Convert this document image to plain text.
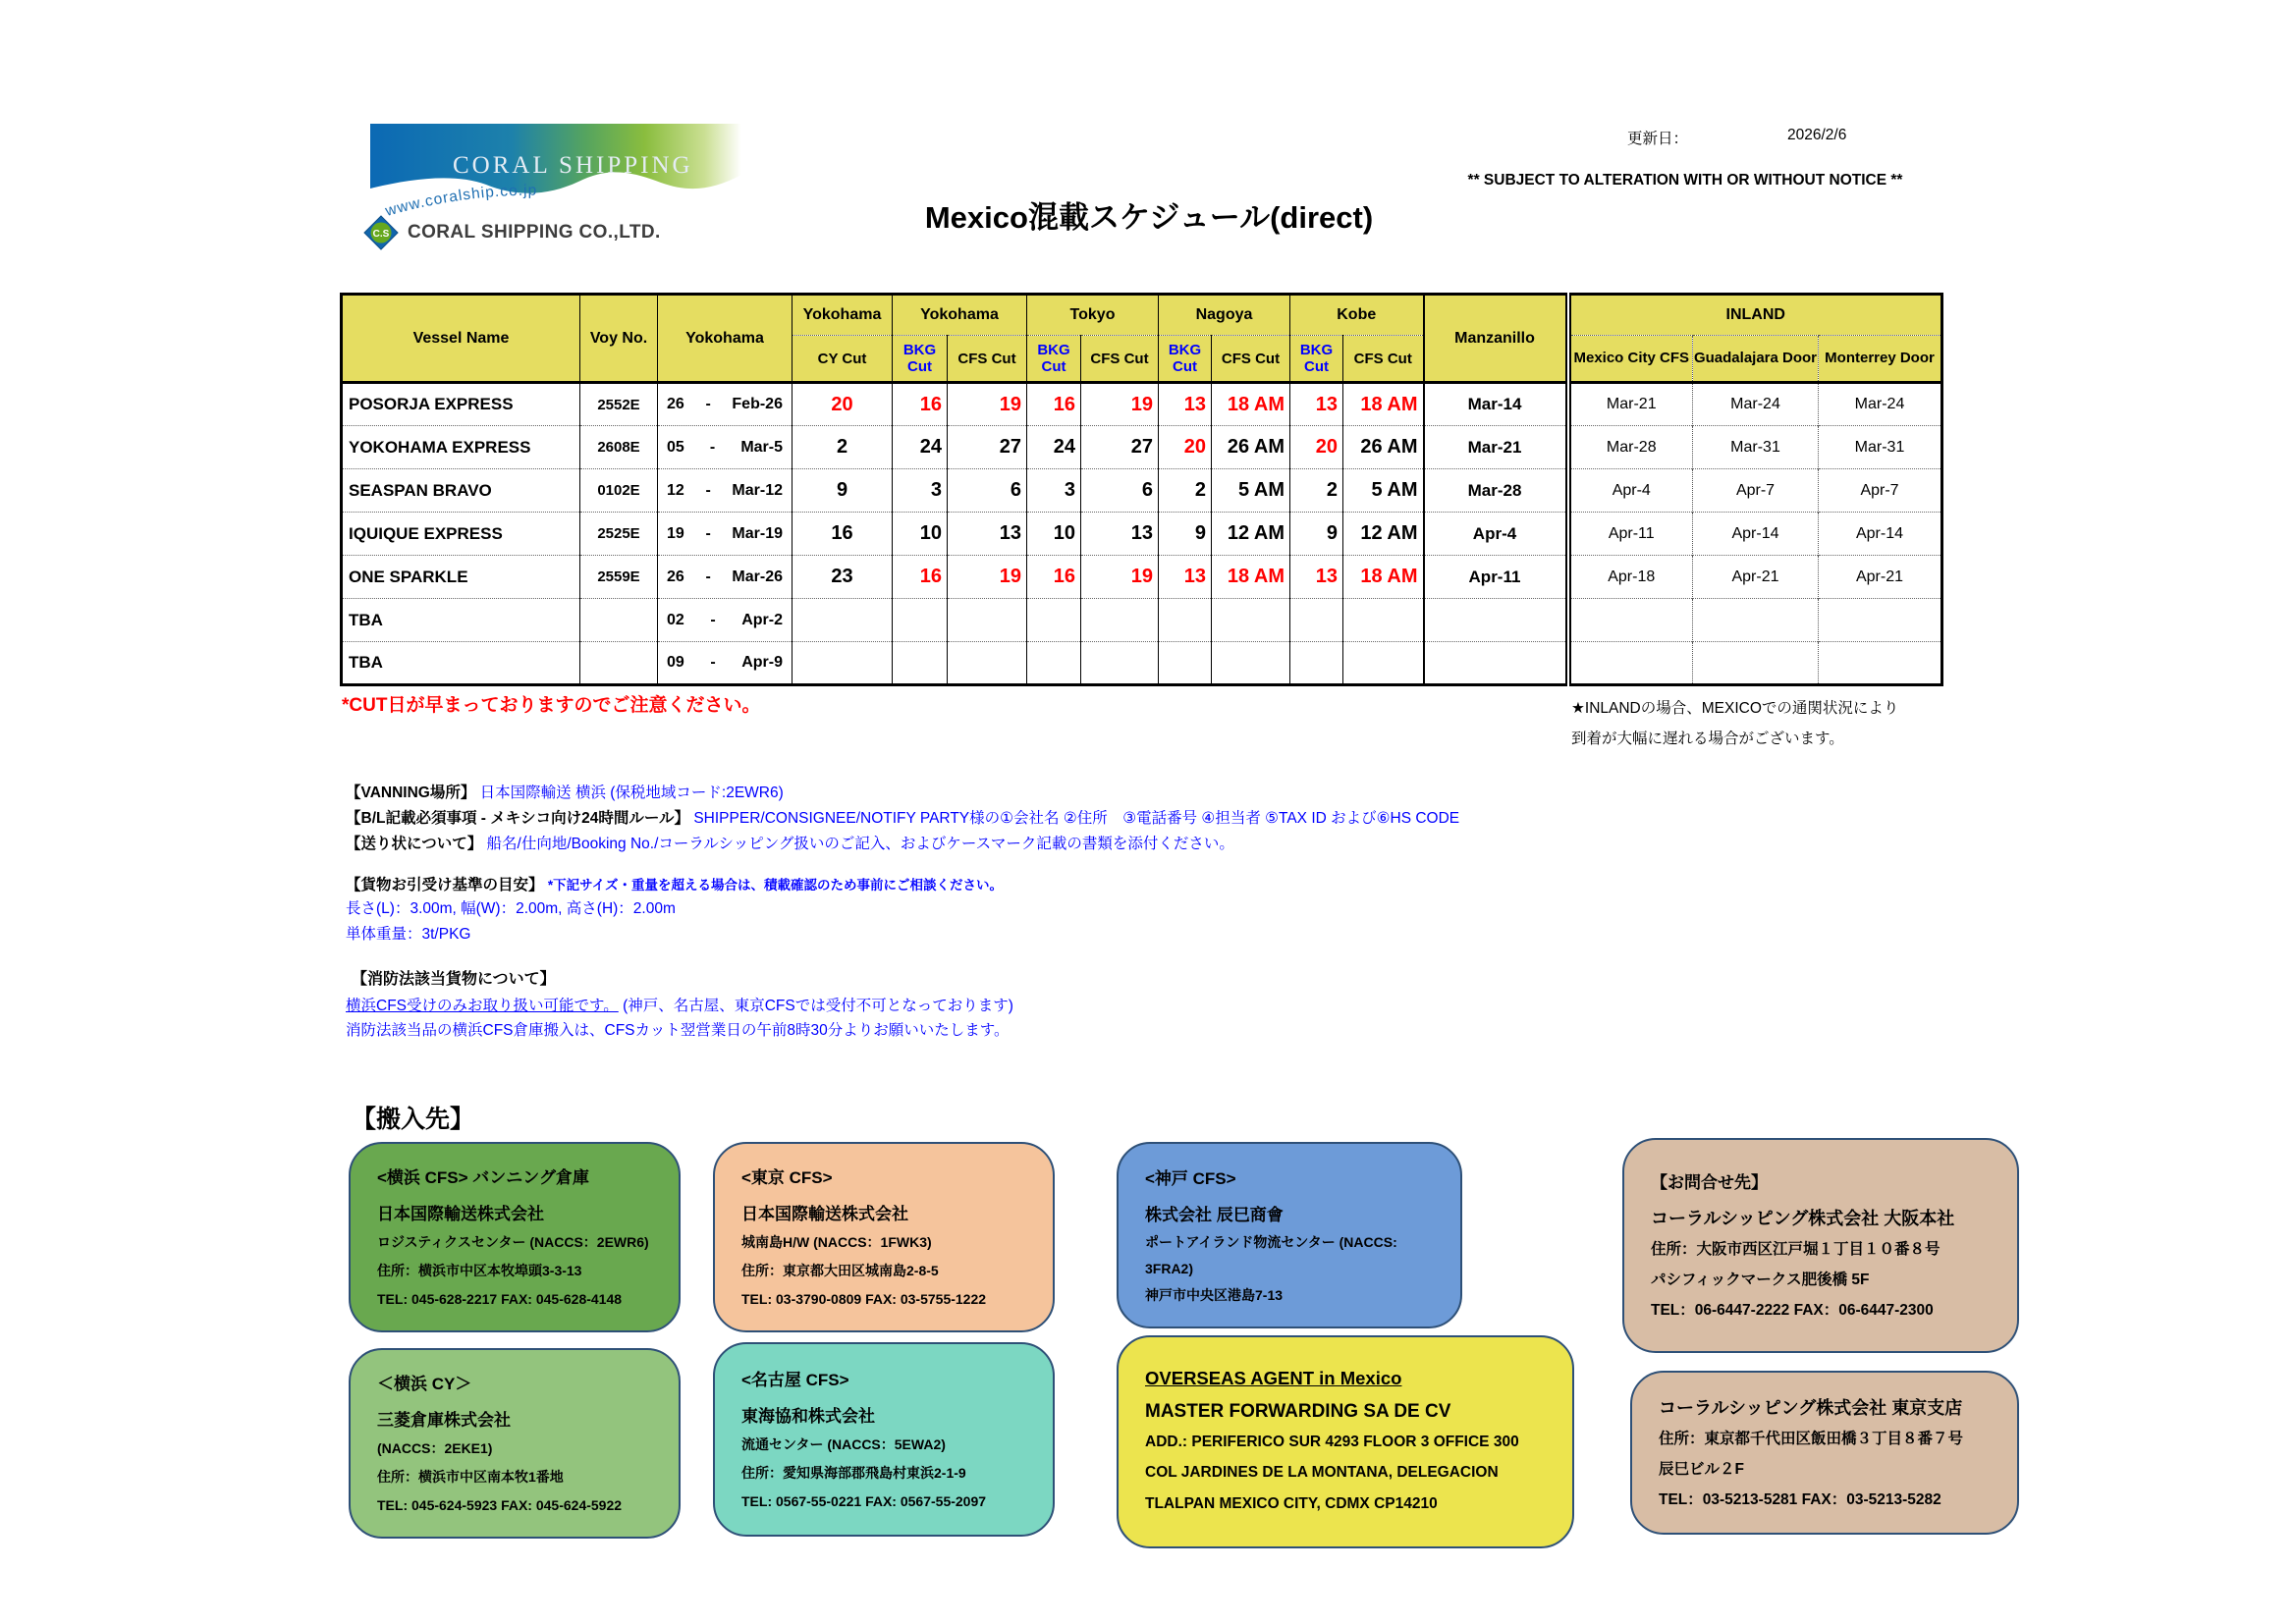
CORAL SHIPPING
www.coralship.co.jp
C.S CORAL SHIPPING CO.,LTD.
更新日：	2026/2/6
** SUBJECT TO ALTERATION WITH OR WITHOUT NOTICE **
Mexico混載スケジュール(direct)
Vessel Name	Voy No.	Yokohama	Yokohama	Yokohama		Tokyo		Nagoya		Kobe		Manzanillo	INLAND		
			CY Cut	BKG Cut	CFS Cut	BKG Cut	CFS Cut	BKG Cut	CFS Cut	BKG Cut	CFS Cut		Mexico City CFS	Guadalajara Door	Monterrey Door
POSORJA EXPRESS	2552E	26 - Feb-26	20	16	19	16	19	13	18 AM	13	18 AM	Mar-14	Mar-21	Mar-24	Mar-24
YOKOHAMA EXPRESS	2608E	05 - Mar-5	2	24	27	24	27	20	26 AM	20	26 AM	Mar-21	Mar-28	Mar-31	Mar-31
SEASPAN BRAVO	0102E	12 - Mar-12	9	3	6	3	6	2	5 AM	2	5 AM	Mar-28	Apr-4	Apr-7	Apr-7
IQUIQUE EXPRESS	2525E	19 - Mar-19	16	10	13	10	13	9	12 AM	9	12 AM	Apr-4	Apr-11	Apr-14	Apr-14
ONE SPARKLE	2559E	26 - Mar-26	23	16	19	16	19	13	18 AM	13	18 AM	Apr-11	Apr-18	Apr-21	Apr-21
TBA		02 - Apr-2													

TBA		09 - Apr-9													

*CUT日が早まっておりますのでご注意ください。	★INLANDの場合、MEXICOでの通関状況により
到着が大幅に遅れる場合がございます。
【VANNING場所】 日本国際輸送 横浜 (保税地域コード:2EWR6)
【B/L記載必須事項 - メキシコ向け24時間ルール】 SHIPPER/CONSIGNEE/NOTIFY PARTY様の①会社名 ②住所　③電話番号 ④担当者 ⑤TAX ID および⑥HS CODE
【送り状について】 船名/仕向地/Booking No./コーラルシッピング扱いのご記入、およびケースマーク記載の書類を添付ください。
【貨物お引受け基準の目安】 *下記サイズ・重量を超える場合は、積載確認のため事前にご相談ください。
長さ(L)：3.00m, 幅(W)：2.00m, 高さ(H)：2.00m
単体重量：3t/PKG
【消防法該当貨物について】
横浜CFS受けのみお取り扱い可能です。 (神戸、名古屋、東京CFSでは受付不可となっております)
消防法該当品の横浜CFS倉庫搬入は、CFSカット翌営業日の午前8時30分よりお願いいたします。
【搬入先】
<横浜 CFS> バンニング倉庫
日本国際輸送株式会社
ロジスティクスセンター (NACCS：2EWR6)
住所：横浜市中区本牧埠頭3-3-13
TEL: 045-628-2217 FAX: 045-628-4148
＜横浜 CY＞
三菱倉庫株式会社
(NACCS：2EKE1)
住所：横浜市中区南本牧1番地
TEL: 045-624-5923 FAX: 045-624-5922
<東京 CFS>
日本国際輸送株式会社
城南島H/W (NACCS：1FWK3)
住所：東京都大田区城南島2-8-5
TEL: 03-3790-0809 FAX: 03-5755-1222
<名古屋 CFS>
東海協和株式会社
流通センター (NACCS：5EWA2)
住所：愛知県海部郡飛島村東浜2-1-9
TEL: 0567-55-0221 FAX: 0567-55-2097
<神戸 CFS>
株式会社 辰巳商會
ポートアイランド物流センター (NACCS:
3FRA2)
神戸市中央区港島7-13
OVERSEAS AGENT in Mexico
MASTER FORWARDING SA DE CV
ADD.: PERIFERICO SUR 4293 FLOOR 3 OFFICE 300
COL JARDINES DE LA MONTANA, DELEGACION
TLALPAN MEXICO CITY, CDMX CP14210
【お問合せ先】
コーラルシッピング株式会社 大阪本社
住所：大阪市西区江戸堀１丁目１０番８号
パシフィックマークス肥後橋 5F
TEL：06-6447-2222 FAX：06-6447-2300
コーラルシッピング株式会社 東京支店
住所：東京都千代田区飯田橋３丁目８番７号
辰巳ビル２F
TEL：03-5213-5281 FAX：03-5213-5282
